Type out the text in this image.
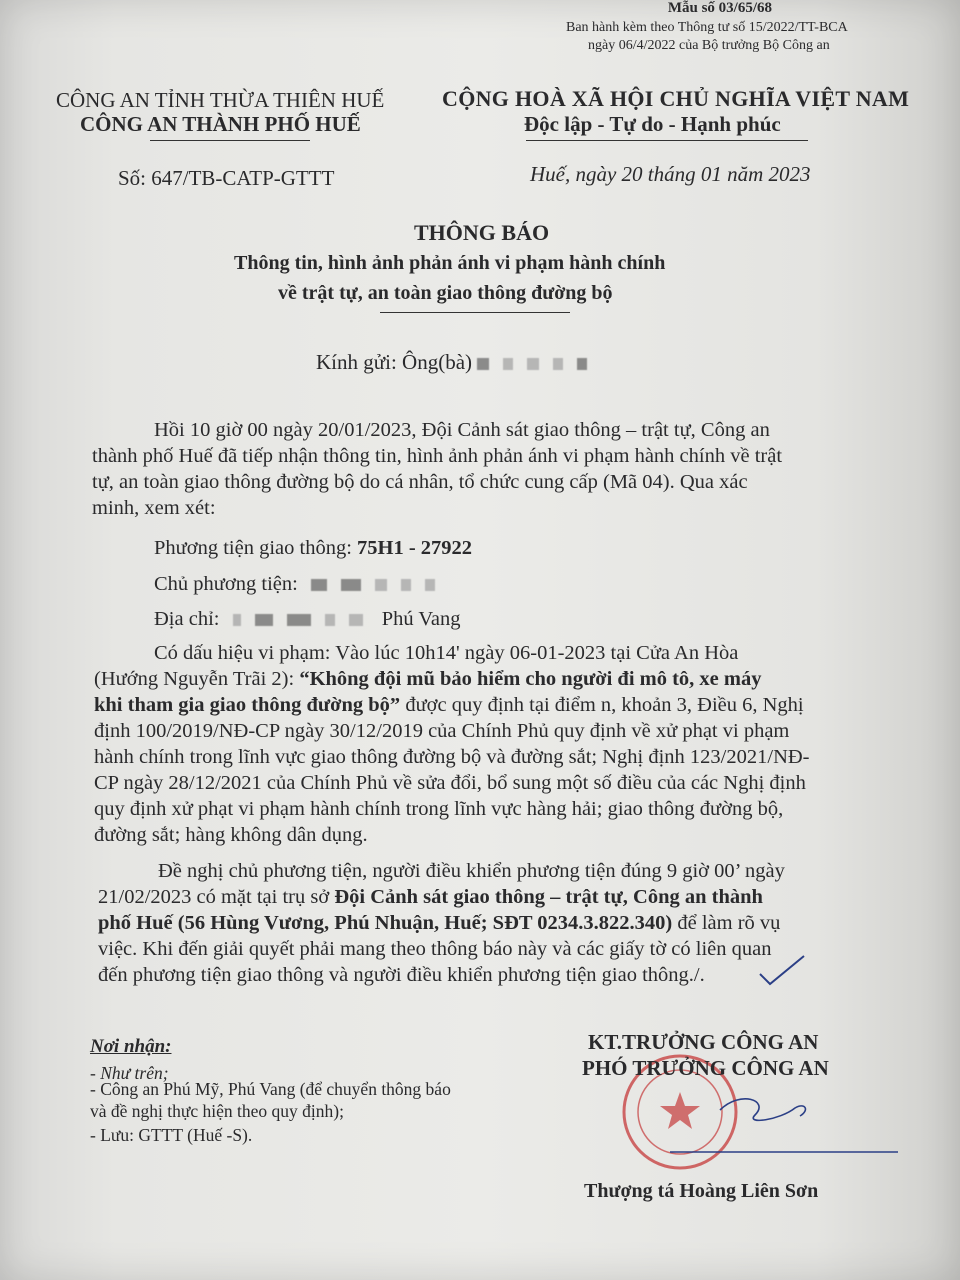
Mẫu số 03/65/68
Ban hành kèm theo Thông tư số 15/2022/TT-BCA
ngày 06/4/2022 của Bộ trưởng Bộ Công an
CÔNG AN TỈNH THỪA THIÊN HUẾ
CÔNG AN THÀNH PHỐ HUẾ
CỘNG HOÀ XÃ HỘI CHỦ NGHĨA VIỆT NAM
Độc lập - Tự do - Hạnh phúc
Số: 647/TB-CATP-GTTT	Huế, ngày 20 tháng 01 năm 2023
THÔNG BÁO
Thông tin, hình ảnh phản ánh vi phạm hành chính
về trật tự, an toàn giao thông đường bộ
Kính gửi: Ông(bà)
Hồi 10 giờ 00 ngày 20/01/2023, Đội Cảnh sát giao thông – trật tự, Công an
thành phố Huế đã tiếp nhận thông tin, hình ảnh phản ánh vi phạm hành chính về trật
tự, an toàn giao thông đường bộ do cá nhân, tổ chức cung cấp (Mã 04). Qua xác
minh, xem xét:
Phương tiện giao thông: 75H1 - 27922
Chủ phương tiện:
Địa chỉ:	Phú Vang
Có dấu hiệu vi phạm: Vào lúc 10h14' ngày 06-01-2023 tại Cửa An Hòa
(Hướng Nguyễn Trãi 2): “Không đội mũ bảo hiểm cho người đi mô tô, xe máy
khi tham gia giao thông đường bộ” được quy định tại điểm n, khoản 3, Điều 6, Nghị
định 100/2019/NĐ-CP ngày 30/12/2019 của Chính Phủ quy định về xử phạt vi phạm
hành chính trong lĩnh vực giao thông đường bộ và đường sắt; Nghị định 123/2021/NĐ-
CP ngày 28/12/2021 của Chính Phủ về sửa đổi, bổ sung một số điều của các Nghị định
quy định xử phạt vi phạm hành chính trong lĩnh vực hàng hải; giao thông đường bộ,
đường sắt; hàng không dân dụng.
Đề nghị chủ phương tiện, người điều khiển phương tiện đúng 9 giờ 00’ ngày
21/02/2023 có mặt tại trụ sở Đội Cảnh sát giao thông – trật tự, Công an thành
phố Huế (56 Hùng Vương, Phú Nhuận, Huế; SĐT 0234.3.822.340) để làm rõ vụ
việc. Khi đến giải quyết phải mang theo thông báo này và các giấy tờ có liên quan
đến phương tiện giao thông và người điều khiển phương tiện giao thông./.
Nơi nhận:
- Như trên;
- Công an Phú Mỹ, Phú Vang (để chuyển thông báo
và đề nghị thực hiện theo quy định);
- Lưu: GTTT (Huế -S).
KT.TRƯỞNG CÔNG AN
PHÓ TRƯỞNG CÔNG AN
Thượng tá Hoàng Liên Sơn
